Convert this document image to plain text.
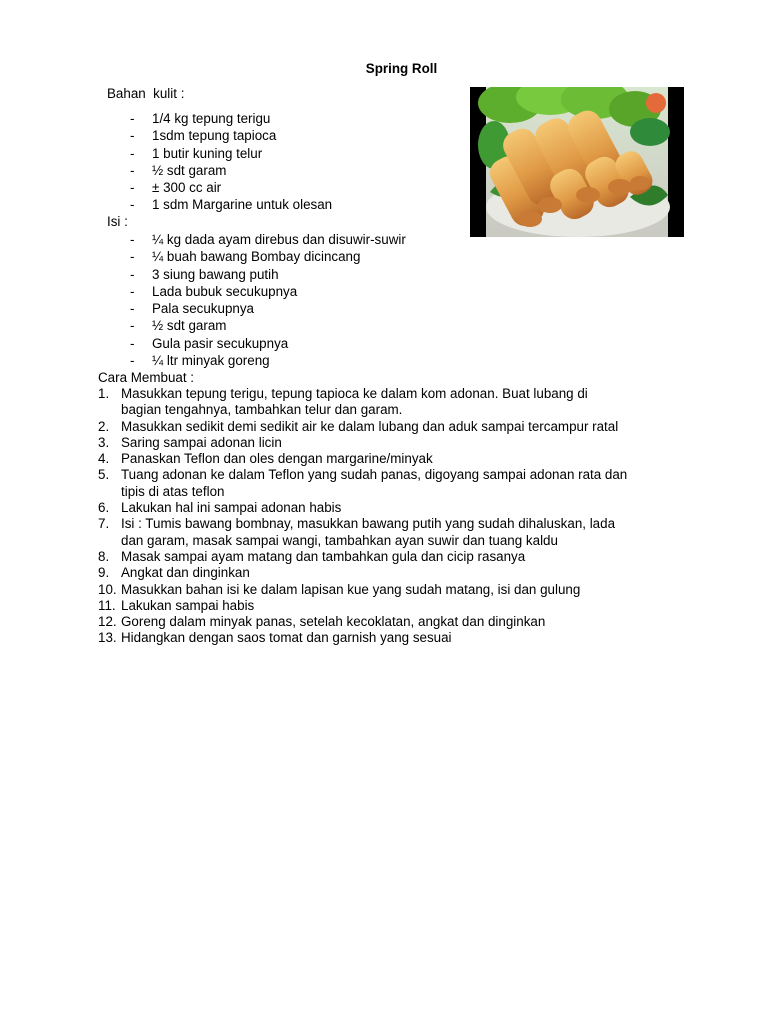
Spring Roll
Bahan  kulit :
- 1/4 kg tepung terigu
- 1sdm tepung tapioca
- 1 butir kuning telur
- ½ sdt garam
- ± 300 cc air
- 1 sdm Margarine untuk olesan
Isi :
- ¼ kg dada ayam direbus dan disuwir-suwir
- ¼ buah bawang Bombay dicincang
- 3 siung bawang putih
- Lada bubuk secukupnya
- Pala secukupnya
- ½ sdt garam
- Gula pasir secukupnya
- ¼ ltr minyak goreng
Cara Membuat :
1. Masukkan tepung terigu, tepung tapioca ke dalam kom adonan. Buat lubang di
bagian tengahnya, tambahkan telur dan garam.
2. Masukkan sedikit demi sedikit air ke dalam lubang dan aduk sampai tercampur ratal
3. Saring sampai adonan licin
4. Panaskan Teflon dan oles dengan margarine/minyak
5. Tuang adonan ke dalam Teflon yang sudah panas, digoyang sampai adonan rata dan
tipis di atas teflon
6. Lakukan hal ini sampai adonan habis
7. Isi : Tumis bawang bombnay, masukkan bawang putih yang sudah dihaluskan, lada
dan garam, masak sampai wangi, tambahkan ayan suwir dan tuang kaldu
8. Masak sampai ayam matang dan tambahkan gula dan cicip rasanya
9. Angkat dan dinginkan
10. Masukkan bahan isi ke dalam lapisan kue yang sudah matang, isi dan gulung
11. Lakukan sampai habis
12. Goreng dalam minyak panas, setelah kecoklatan, angkat dan dinginkan
13. Hidangkan dengan saos tomat dan garnish yang sesuai
